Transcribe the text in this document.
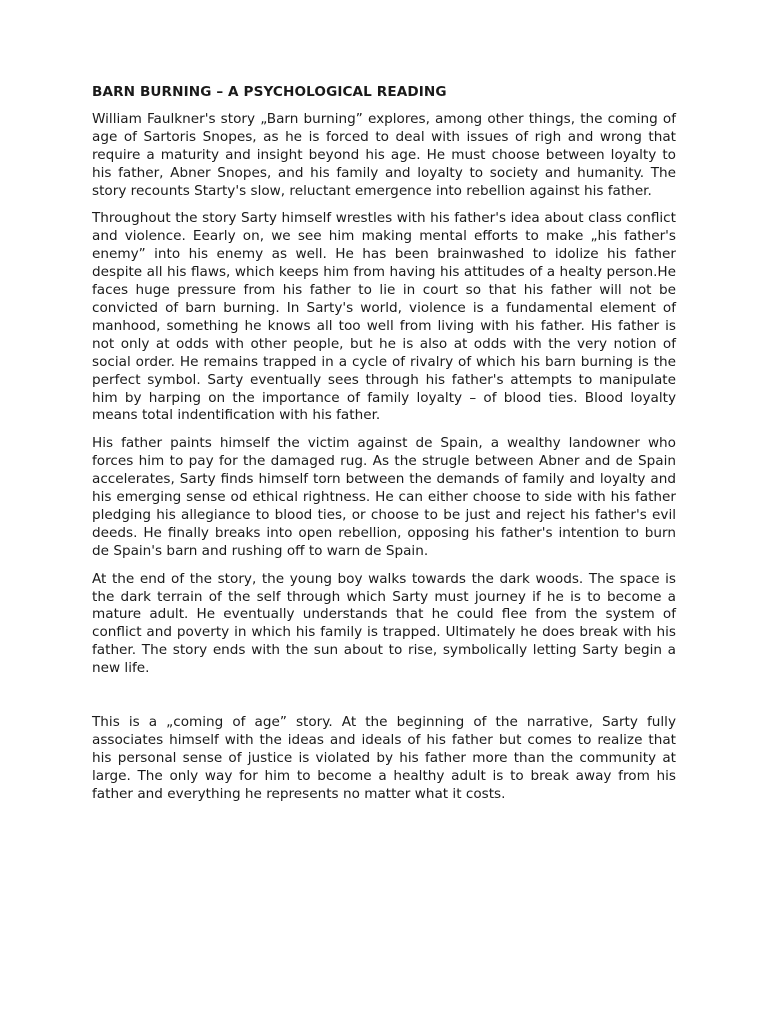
BARN BURNING – A PSYCHOLOGICAL READING

William Faulkner's story „Barn burning” explores, among other things, the coming of age of Sartoris Snopes, as he is forced to deal with issues of righ and wrong that require a maturity and insight beyond his age. He must choose between loyalty to his father, Abner Snopes, and his family and loyalty to society and humanity. The story recounts Starty's slow, reluctant emergence into rebellion against his father.

Throughout the story Sarty himself wrestles with his father's idea about class conflict and violence. Eearly on, we see him making mental efforts to make „his father's enemy” into his enemy as well. He has been brainwashed to idolize his father despite all his flaws, which keeps him from having his attitudes of a healty person.He faces huge pressure from his father to lie in court so that his father will not be convicted of barn burning. In Sarty's world, violence is a fundamental element of manhood, something he knows all too well from living with his father. His father is not only at odds with other people, but he is also at odds with the very notion of social order. He remains trapped in a cycle of rivalry of which his barn burning is the perfect symbol. Sarty eventually sees through his father's attempts to manipulate him by harping on the importance of family loyalty – of blood ties. Blood loyalty means total indentification with his father.

His father paints himself the victim against de Spain, a wealthy landowner who forces him to pay for the damaged rug. As the strugle between Abner and de Spain accelerates, Sarty finds himself torn between the demands of family and loyalty and his emerging sense od ethical rightness. He can either choose to side with his father pledging his allegiance to blood ties, or choose to be just and reject his father's evil deeds. He finally breaks into open rebellion, opposing his father's intention to burn de Spain's barn and rushing off to warn de Spain.

At the end of the story, the young boy walks towards the dark woods. The space is the dark terrain of the self through which Sarty must journey if he is to become a mature adult. He eventually understands that he could flee from the system of conflict and poverty in which his family is trapped. Ultimately he does break with his father. The story ends with the sun about to rise, symbolically letting Sarty begin a new life.

This is a „coming of age” story. At the beginning of the narrative, Sarty fully associates himself with the ideas and ideals of his father but comes to realize that his personal sense of justice is violated by his father more than the community at large. The only way for him to become a healthy adult is to break away from his father and everything he represents no matter what it costs.
